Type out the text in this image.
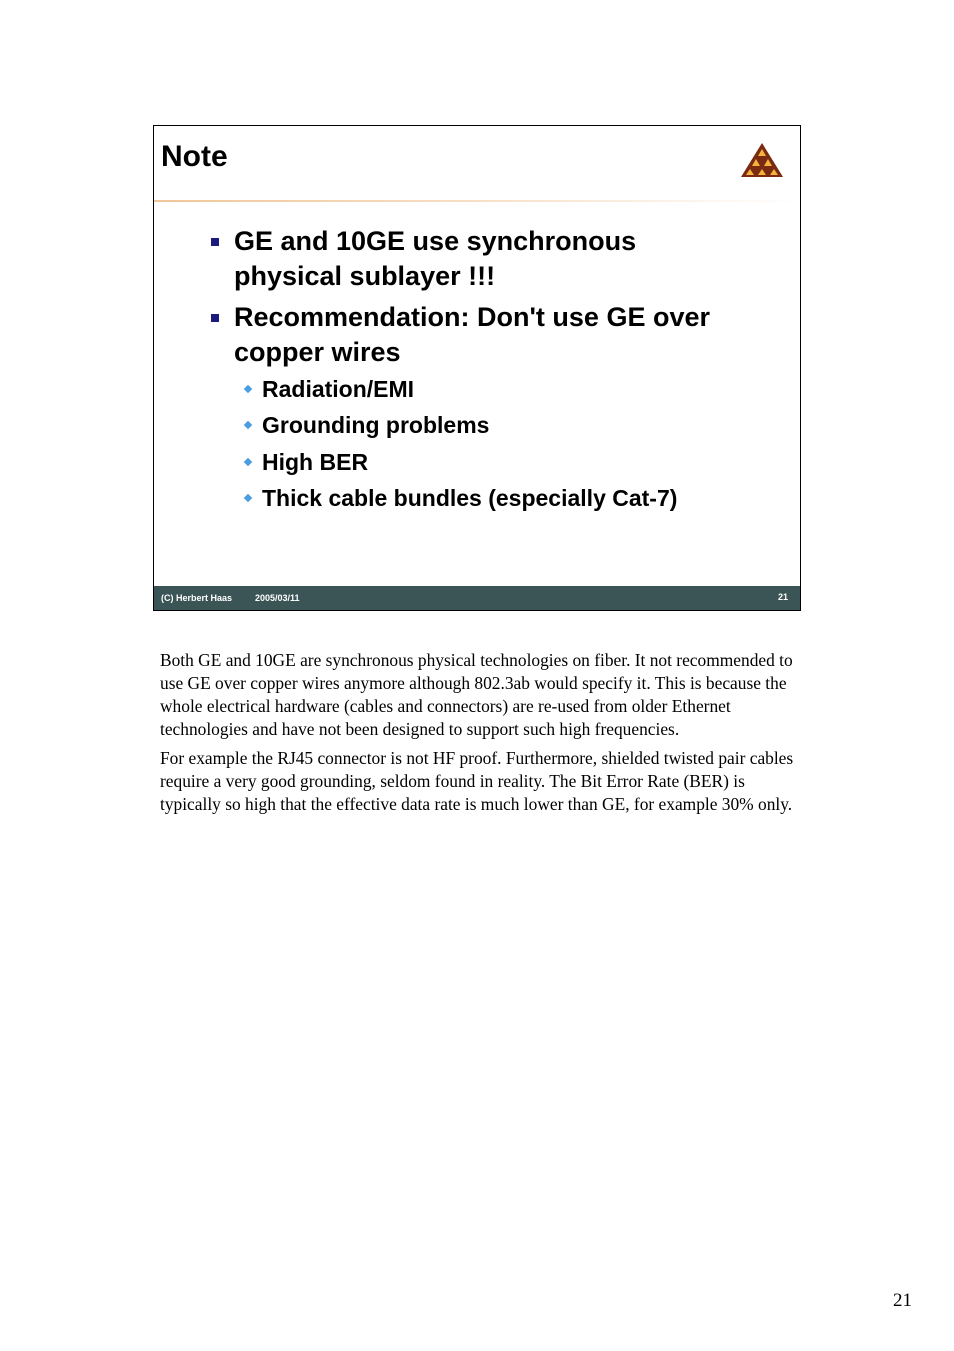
Note
GE and 10GE use synchronous
physical sublayer !!!
Recommendation: Don't use GE over
copper wires
Radiation/EMI
Grounding problems
High BER
Thick cable bundles (especially Cat-7)
(C) Herbert Haas	2005/03/11	21

Both GE and 10GE are synchronous physical technologies on fiber. It not recommended to use GE over copper wires anymore although 802.3ab would specify it. This is because the whole electrical hardware (cables and connectors) are re-used from older Ethernet technologies and have not been designed to support such high frequencies.

For example the RJ45 connector is not HF proof. Furthermore, shielded twisted pair cables require a very good grounding, seldom found in reality. The Bit Error Rate (BER) is typically so high that the effective data rate is much lower than GE, for example 30% only.

21
